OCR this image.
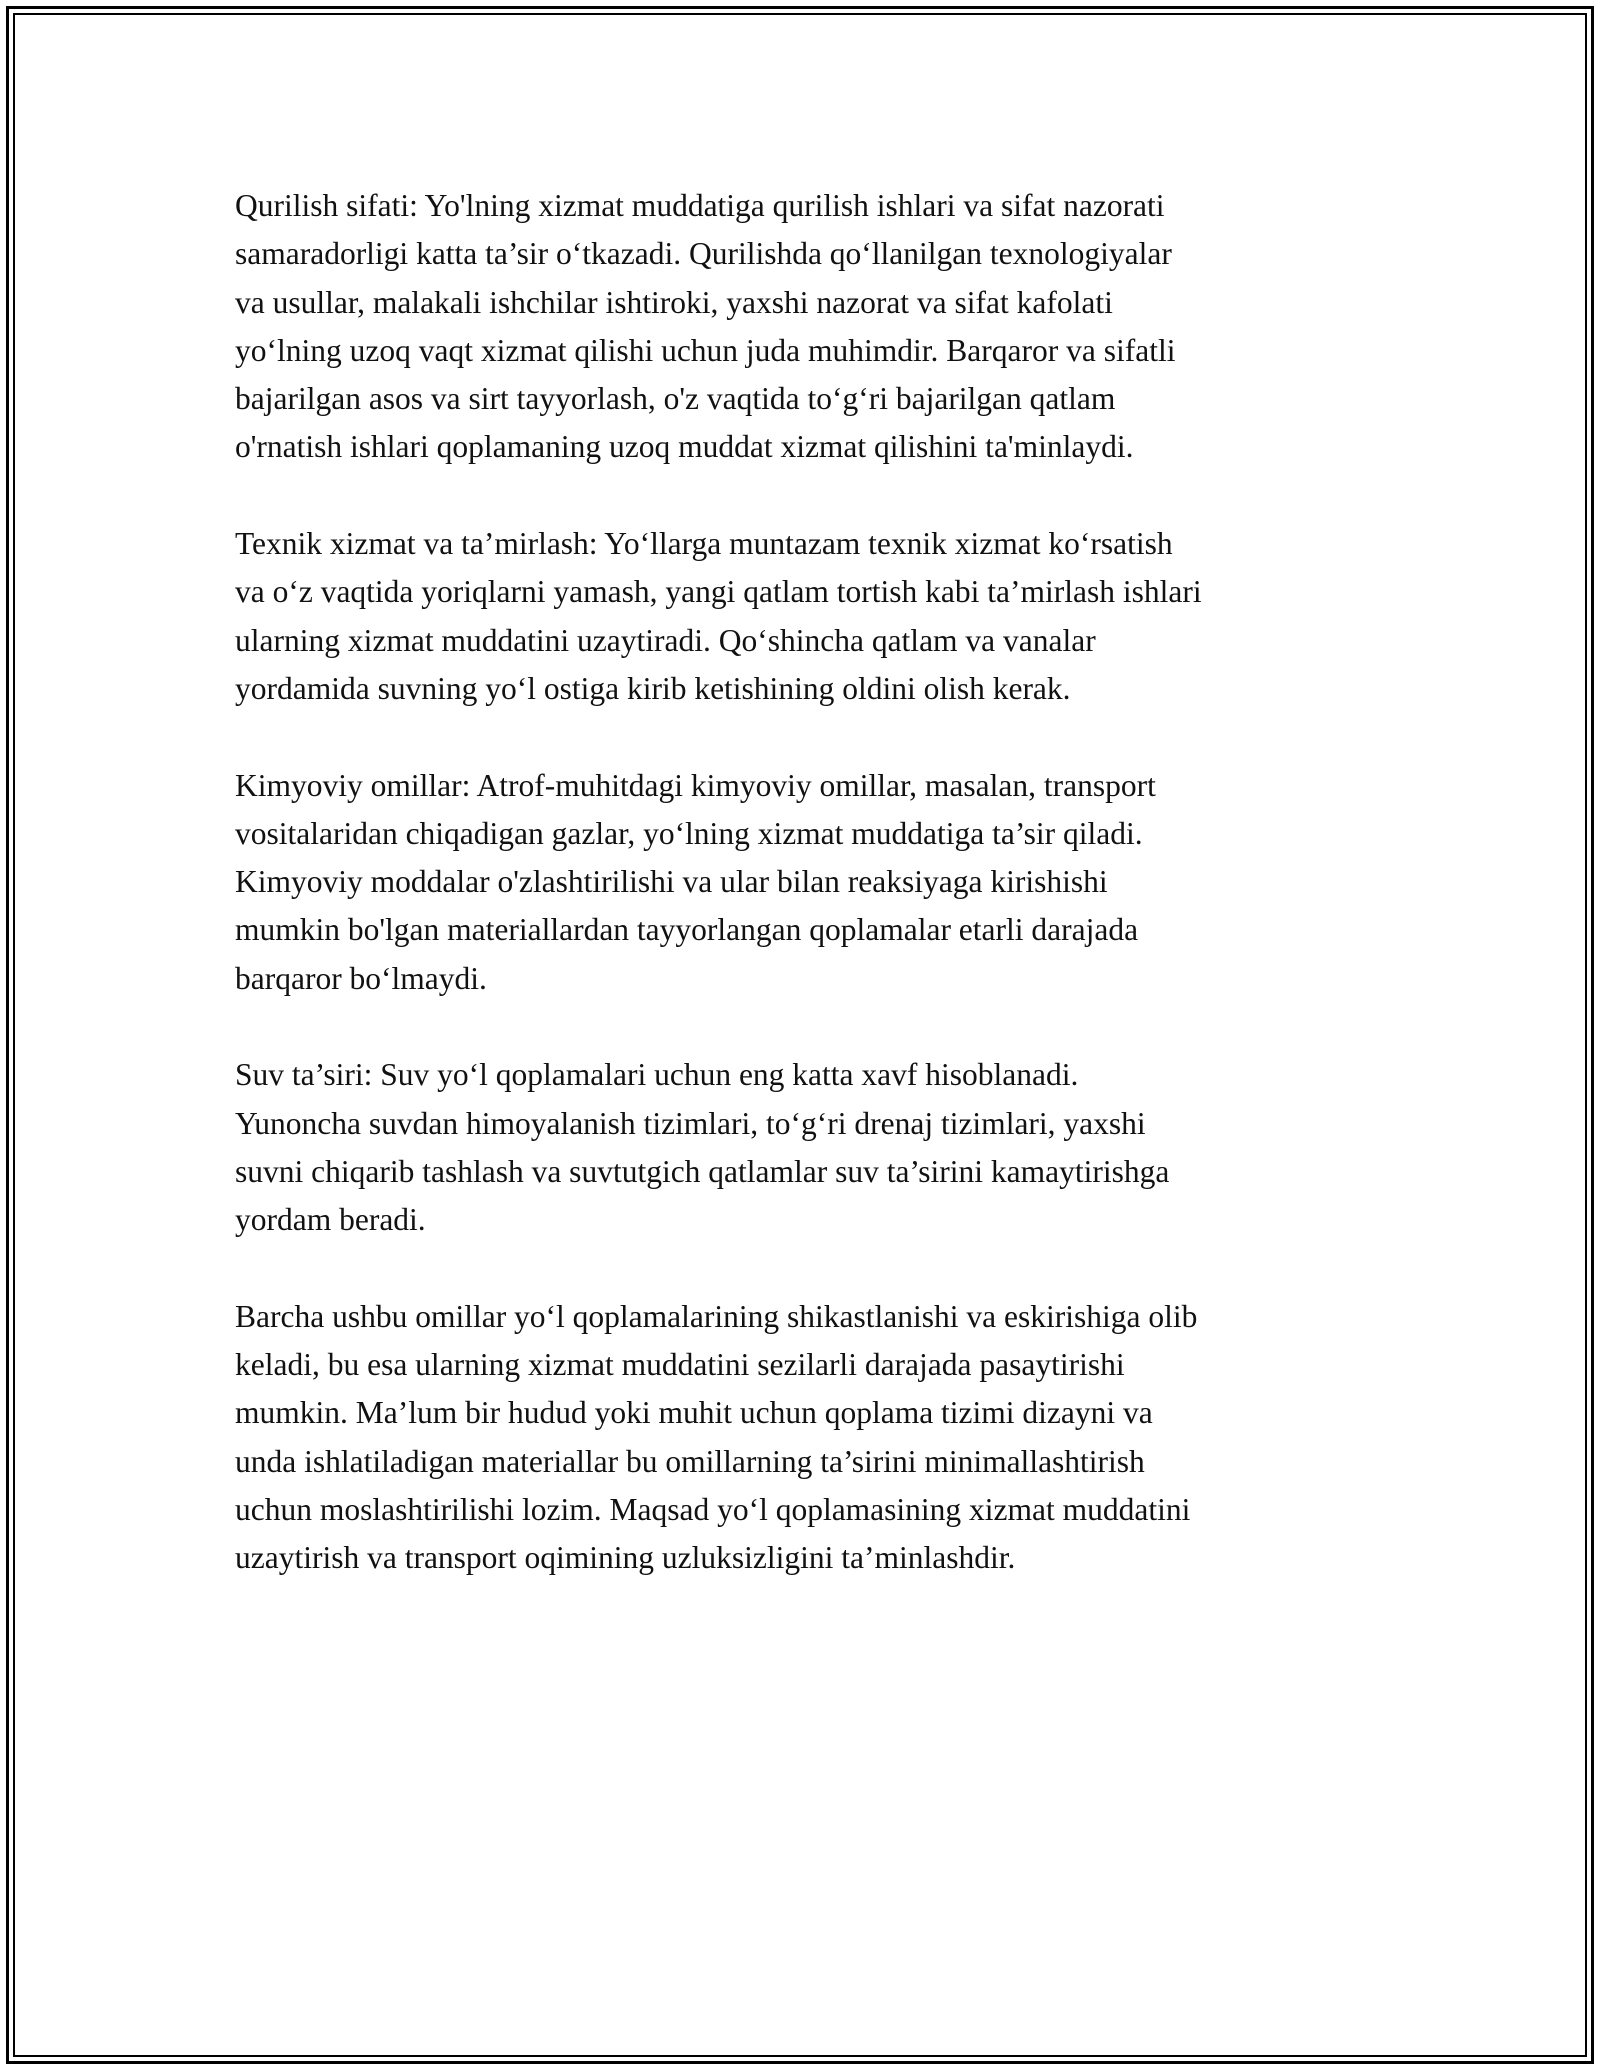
Qurilish sifati: Yo'lning xizmat muddatiga qurilish ishlari va sifat nazorati
samaradorligi katta ta’sir o‘tkazadi. Qurilishda qo‘llanilgan texnologiyalar
va usullar, malakali ishchilar ishtiroki, yaxshi nazorat va sifat kafolati
yo‘lning uzoq vaqt xizmat qilishi uchun juda muhimdir. Barqaror va sifatli
bajarilgan asos va sirt tayyorlash, o'z vaqtida to‘g‘ri bajarilgan qatlam
o'rnatish ishlari qoplamaning uzoq muddat xizmat qilishini ta'minlaydi.

Texnik xizmat va ta’mirlash: Yo‘llarga muntazam texnik xizmat ko‘rsatish
va o‘z vaqtida yoriqlarni yamash, yangi qatlam tortish kabi ta’mirlash ishlari
ularning xizmat muddatini uzaytiradi. Qo‘shincha qatlam va vanalar
yordamida suvning yo‘l ostiga kirib ketishining oldini olish kerak.

Kimyoviy omillar: Atrof-muhitdagi kimyoviy omillar, masalan, transport
vositalaridan chiqadigan gazlar, yo‘lning xizmat muddatiga ta’sir qiladi.
Kimyoviy moddalar o'zlashtirilishi va ular bilan reaksiyaga kirishishi
mumkin bo'lgan materiallardan tayyorlangan qoplamalar etarli darajada
barqaror bo‘lmaydi.

Suv ta’siri: Suv yo‘l qoplamalari uchun eng katta xavf hisoblanadi.
Yunoncha suvdan himoyalanish tizimlari, to‘g‘ri drenaj tizimlari, yaxshi
suvni chiqarib tashlash va suvtutgich qatlamlar suv ta’sirini kamaytirishga
yordam beradi.

Barcha ushbu omillar yo‘l qoplamalarining shikastlanishi va eskirishiga olib
keladi, bu esa ularning xizmat muddatini sezilarli darajada pasaytirishi
mumkin. Ma’lum bir hudud yoki muhit uchun qoplama tizimi dizayni va
unda ishlatiladigan materiallar bu omillarning ta’sirini minimallashtirish
uchun moslashtirilishi lozim. Maqsad yo‘l qoplamasining xizmat muddatini
uzaytirish va transport oqimining uzluksizligini ta’minlashdir.
